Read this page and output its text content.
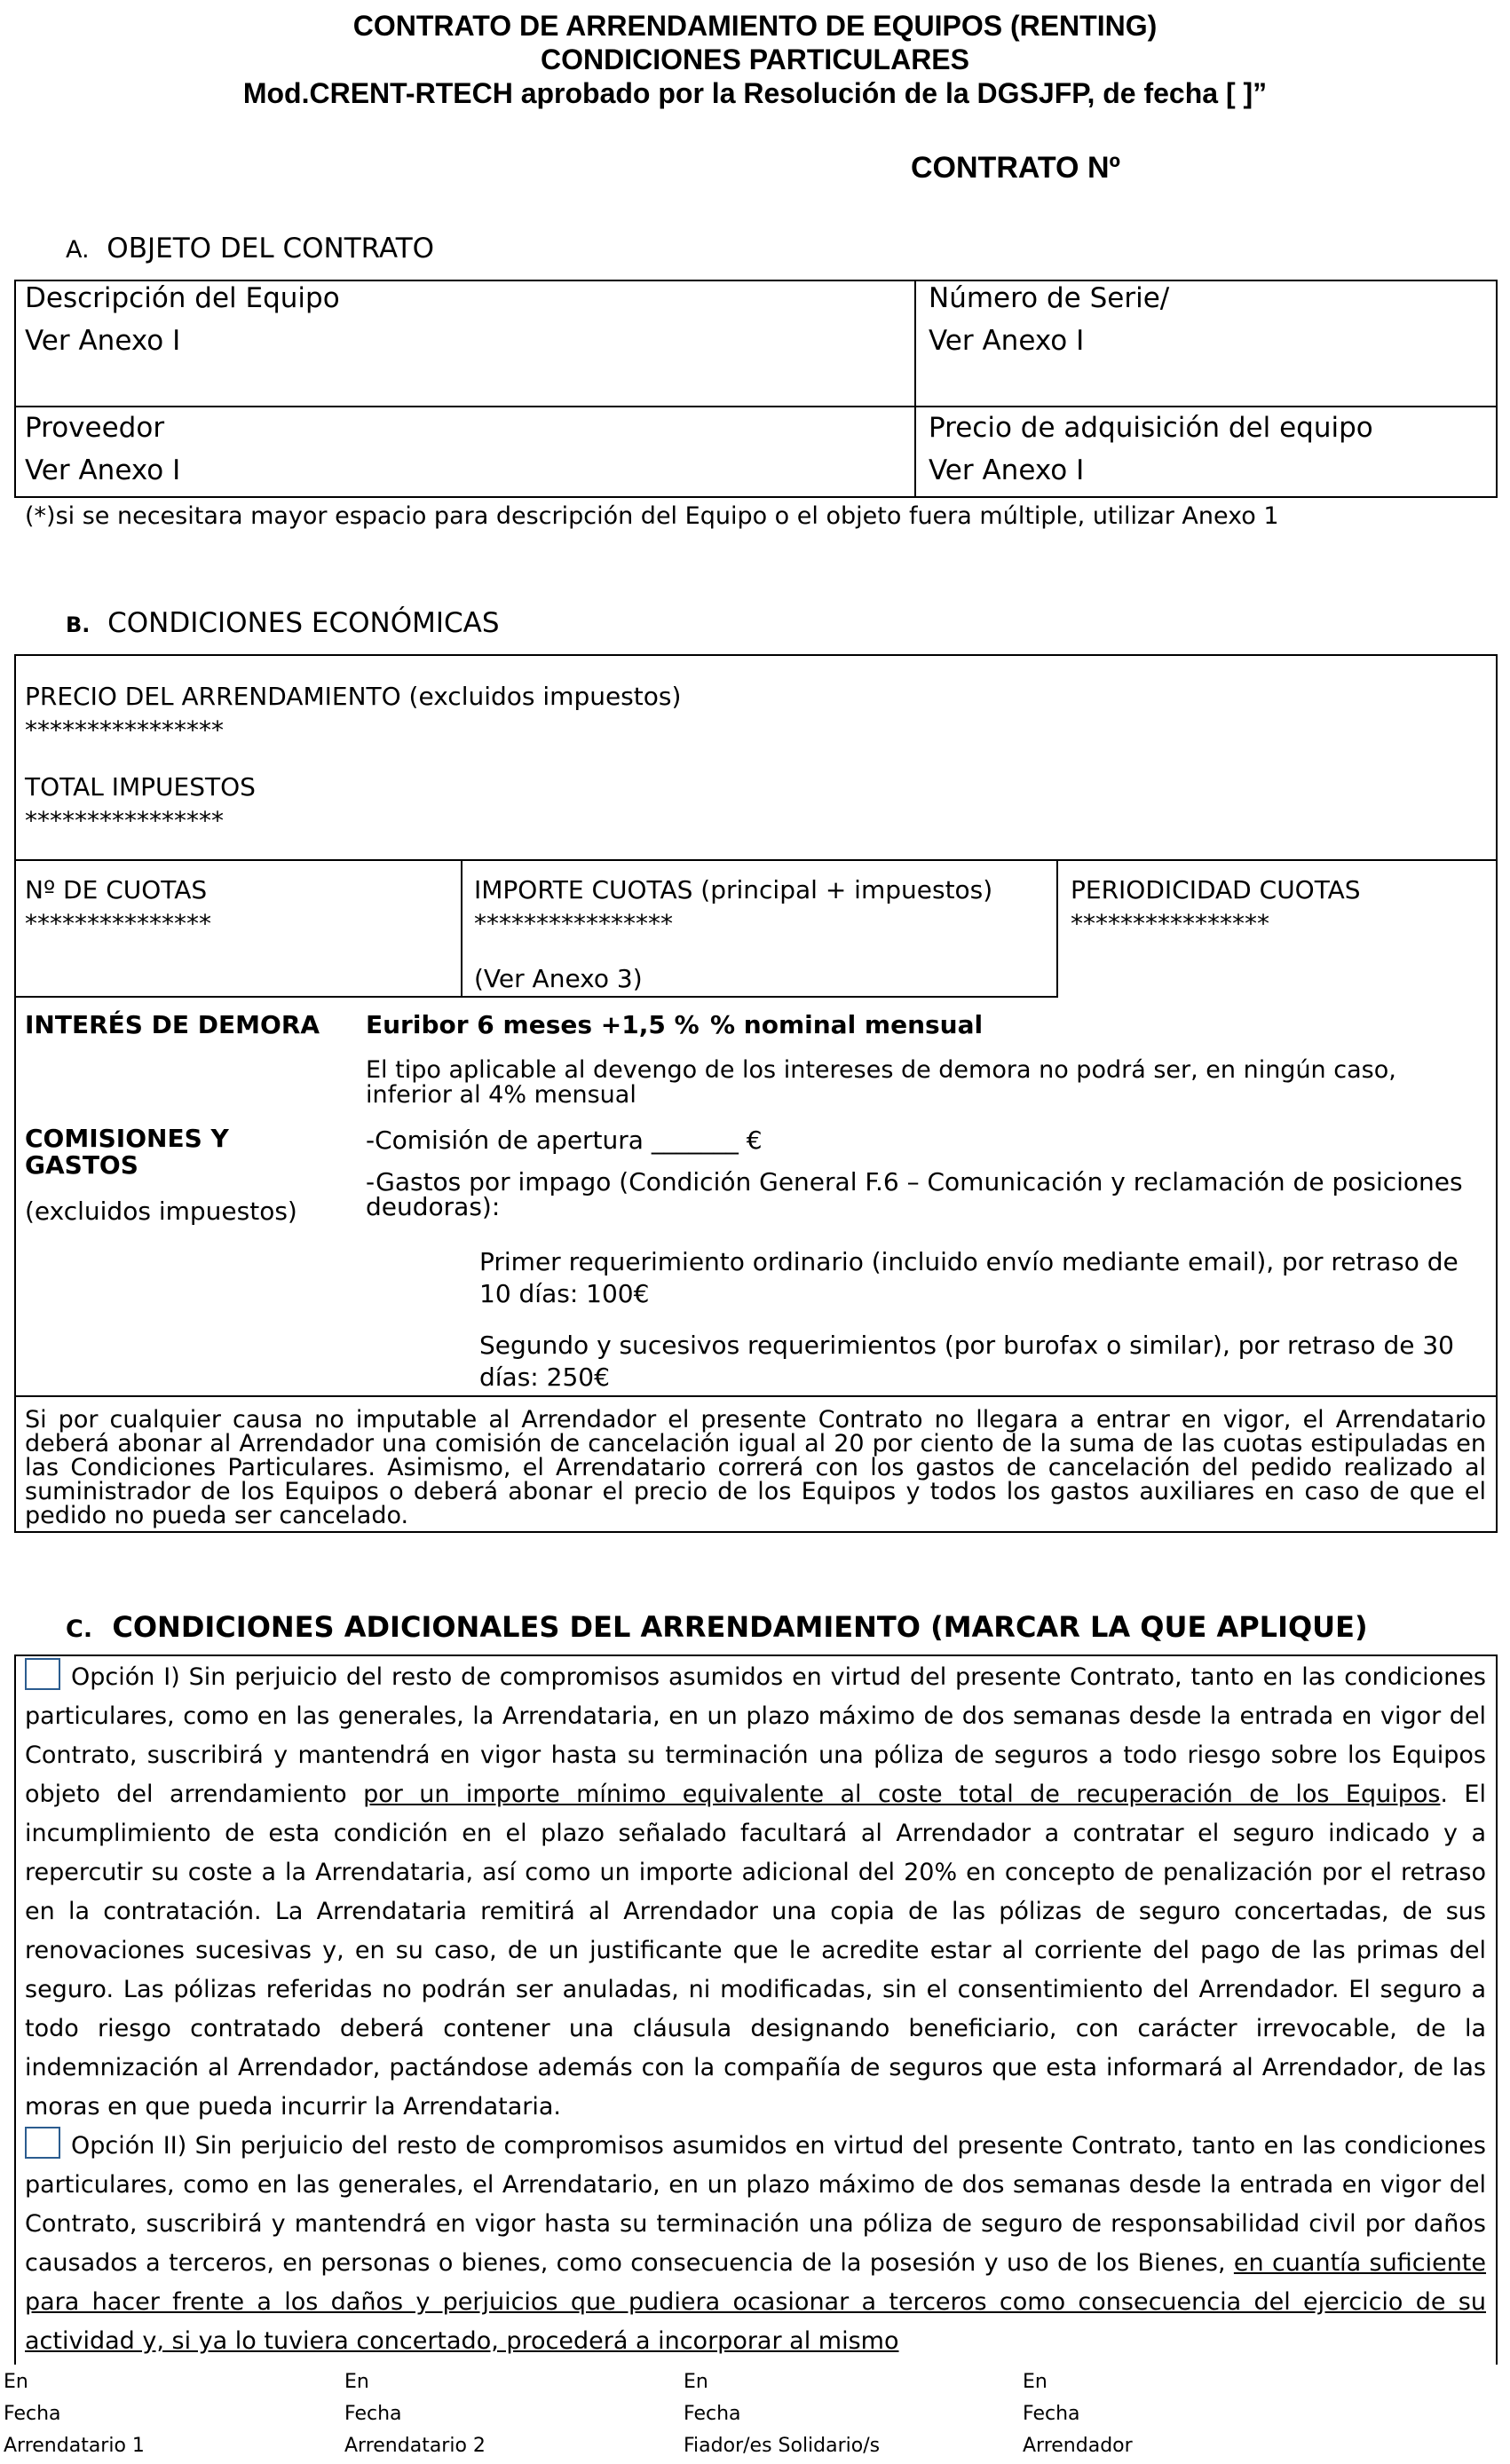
CONTRATO DE ARRENDAMIENTO DE EQUIPOS (RENTING)
CONDICIONES PARTICULARES
Mod.CRENT-RTECH aprobado por la Resolución de la DGSJFP, de fecha [ ]”
CONTRATO Nº
A. OBJETO DEL CONTRATO
Descripción del Equipo
Ver Anexo I
Número de Serie/
Ver Anexo I
Proveedor
Ver Anexo I
Precio de adquisición del equipo
Ver Anexo I
(*)si se necesitara mayor espacio para descripción del Equipo o el objeto fuera múltiple, utilizar Anexo 1
B. CONDICIONES ECONÓMICAS
PRECIO DEL ARRENDAMIENTO (excluidos impuestos)
****************
TOTAL IMPUESTOS
****************
Nº DE CUOTAS
***************
IMPORTE CUOTAS (principal + impuestos)
****************
(Ver Anexo 3)
PERIODICIDAD CUOTAS
****************
INTERÉS DE DEMORA Euribor 6 meses +1,5 % % nominal mensual
El tipo aplicable al devengo de los intereses de demora no podrá ser, en ningún caso, inferior al 4% mensual
COMISIONES Y
GASTOS
(excluidos impuestos)
-Comisión de apertura _______ €
-Gastos por impago (Condición General F.6 – Comunicación y reclamación de posiciones deudoras):
Primer requerimiento ordinario (incluido envío mediante email), por retraso de 10 días: 100€
Segundo y sucesivos requerimientos (por burofax o similar), por retraso de 30 días: 250€
Si por cualquier causa no imputable al Arrendador el presente Contrato no llegara a entrar en vigor, el Arrendatario deberá abonar al Arrendador una comisión de cancelación igual al 20 por ciento de la suma de las cuotas estipuladas en las Condiciones Particulares. Asimismo, el Arrendatario correrá con los gastos de cancelación del pedido realizado al suministrador de los Equipos o deberá abonar el precio de los Equipos y todos los gastos auxiliares en caso de que el pedido no pueda ser cancelado.
C. CONDICIONES ADICIONALES DEL ARRENDAMIENTO (MARCAR LA QUE APLIQUE)
Opción I) Sin perjuicio del resto de compromisos asumidos en virtud del presente Contrato, tanto en las condiciones particulares, como en las generales, la Arrendataria, en un plazo máximo de dos semanas desde la entrada en vigor del Contrato, suscribirá y mantendrá en vigor hasta su terminación una póliza de seguros a todo riesgo sobre los Equipos objeto del arrendamiento por un importe mínimo equivalente al coste total de recuperación de los Equipos. El incumplimiento de esta condición en el plazo señalado facultará al Arrendador a contratar el seguro indicado y a repercutir su coste a la Arrendataria, así como un importe adicional del 20% en concepto de penalización por el retraso en la contratación. La Arrendataria remitirá al Arrendador una copia de las pólizas de seguro concertadas, de sus renovaciones sucesivas y, en su caso, de un justificante que le acredite estar al corriente del pago de las primas del seguro. Las pólizas referidas no podrán ser anuladas, ni modificadas, sin el consentimiento del Arrendador. El seguro a todo riesgo contratado deberá contener una cláusula designando beneficiario, con carácter irrevocable, de la indemnización al Arrendador, pactándose además con la compañía de seguros que esta informará al Arrendador, de las moras en que pueda incurrir la Arrendataria.
Opción II) Sin perjuicio del resto de compromisos asumidos en virtud del presente Contrato, tanto en las condiciones particulares, como en las generales, el Arrendatario, en un plazo máximo de dos semanas desde la entrada en vigor del Contrato, suscribirá y mantendrá en vigor hasta su terminación una póliza de seguro de responsabilidad civil por daños causados a terceros, en personas o bienes, como consecuencia de la posesión y uso de los Bienes, en cuantía suficiente para hacer frente a los daños y perjuicios que pudiera ocasionar a terceros como consecuencia del ejercicio de su actividad y, si ya lo tuviera concertado, procederá a incorporar al mismo
En
Fecha
Arrendatario 1
En
Fecha
Arrendatario 2
En
Fecha
Fiador/es Solidario/s
En
Fecha
Arrendador
